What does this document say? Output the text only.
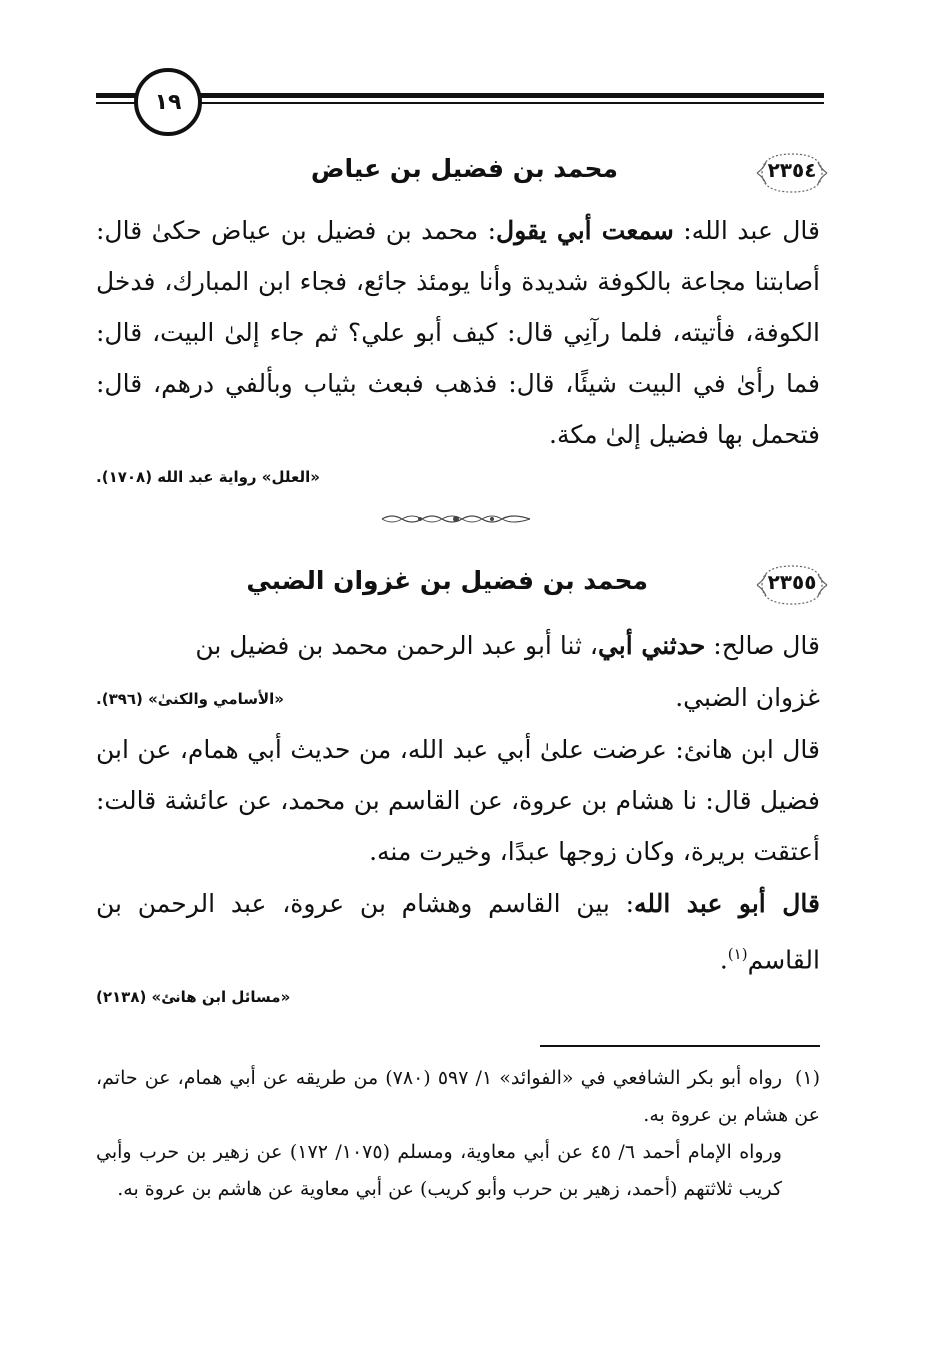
١٩
٢٣٥٤
محمد بن فضيل بن عياض
قال عبد الله: سمعت أبي يقول: محمد بن فضيل بن عياض حكىٰ قال: أصابتنا مجاعة بالكوفة شديدة وأنا يومئذ جائع، فجاء ابن المبارك، فدخل الكوفة، فأتيته، فلما رآنِي قال: كيف أبو علي؟ ثم جاء إلىٰ البيت، قال: فما رأىٰ في البيت شيئًا، قال: فذهب فبعث بثياب وبألفي درهم، قال: فتحمل بها فضيل إلىٰ مكة.
«العلل» رواية عبد الله (١٧٠٨).
٢٣٥٥
محمد بن فضيل بن غزوان الضبي
قال صالح: حدثني أبي، ثنا أبو عبد الرحمن محمد بن فضيل بن
غزوان الضبي.
«الأسامي والكنىٰ» (٣٩٦).
قال ابن هانئ: عرضت علىٰ أبي عبد الله، من حديث أبي همام، عن ابن فضيل قال: نا هشام بن عروة، عن القاسم بن محمد، عن عائشة قالت: أعتقت بريرة، وكان زوجها عبدًا، وخيرت منه.
قال أبو عبد الله: بين القاسم وهشام بن عروة، عبد الرحمن بن القاسم$^{(١)}$.
«مسائل ابن هانئ» (٢١٣٨)
(١)رواه أبو بكر الشافعي في «الفوائد» ١/ ٥٩٧ (٧٨٠) من طريقه عن أبي همام، عن حاتم، عن هشام بن عروة به.
ورواه الإمام أحمد ٦/ ٤٥ عن أبي معاوية، ومسلم (١٠٧٥/ ١٧٢) عن زهير بن حرب وأبي كريب ثلاثتهم (أحمد، زهير بن حرب وأبو كريب) عن أبي معاوية عن هاشم بن عروة به.
